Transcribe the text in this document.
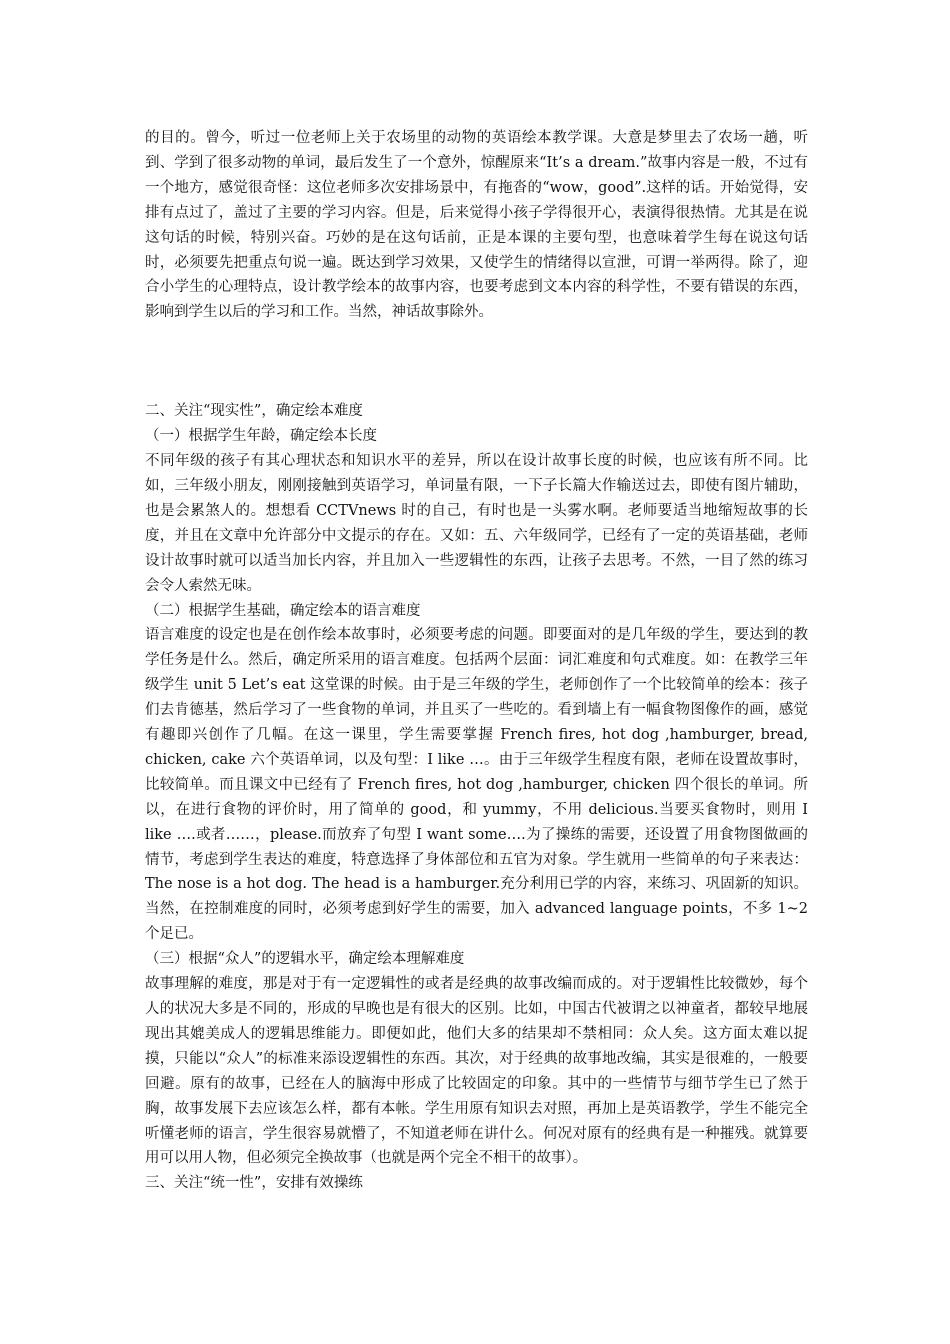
的目的。曾今，听过一位老师上关于农场里的动物的英语绘本教学课。大意是梦里去了农场一趟，听到、学到了很多动物的单词，最后发生了一个意外，惊醒原来“It’s a dream.”故事内容是一般，不过有一个地方，感觉很奇怪：这位老师多次安排场景中，有拖沓的“wow，good”.这样的话。开始觉得，安排有点过了，盖过了主要的学习内容。但是，后来觉得小孩子学得很开心，表演得很热情。尤其是在说这句话的时候，特别兴奋。巧妙的是在这句话前，正是本课的主要句型，也意味着学生每在说这句话时，必须要先把重点句说一遍。既达到学习效果，又使学生的情绪得以宣泄，可谓一举两得。除了，迎合小学生的心理特点，设计教学绘本的故事内容，也要考虑到文本内容的科学性，不要有错误的东西，影响到学生以后的学习和工作。当然，神话故事除外。

二、关注“现实性”，确定绘本难度

（一）根据学生年龄，确定绘本长度

不同年级的孩子有其心理状态和知识水平的差异，所以在设计故事长度的时候，也应该有所不同。比如，三年级小朋友，刚刚接触到英语学习，单词量有限，一下子长篇大作输送过去，即使有图片辅助，也是会累煞人的。想想看 CCTVnews 时的自己，有时也是一头雾水啊。老师要适当地缩短故事的长度，并且在文章中允许部分中文提示的存在。又如：五、六年级同学，已经有了一定的英语基础，老师设计故事时就可以适当加长内容，并且加入一些逻辑性的东西，让孩子去思考。不然，一目了然的练习会令人索然无味。

（二）根据学生基础，确定绘本的语言难度

语言难度的设定也是在创作绘本故事时，必须要考虑的问题。即要面对的是几年级的学生，要达到的教学任务是什么。然后，确定所采用的语言难度。包括两个层面：词汇难度和句式难度。如：在教学三年级学生 unit 5 Let’s eat 这堂课的时候。由于是三年级的学生，老师创作了一个比较简单的绘本：孩子们去肯德基，然后学习了一些食物的单词，并且买了一些吃的。看到墙上有一幅食物图像作的画，感觉有趣即兴创作了几幅。在这一课里，学生需要掌握 French fires, hot dog ,hamburger, bread, chicken, cake 六个英语单词，以及句型：I like …。由于三年级学生程度有限，老师在设置故事时，比较简单。而且课文中已经有了 French fires, hot dog ,hamburger, chicken 四个很长的单词。所以，在进行食物的评价时，用了简单的 good，和 yummy，不用 delicious.当要买食物时，则用 I like ….或者……，please.而放弃了句型 I want some….为了操练的需要，还设置了用食物图做画的情节，考虑到学生表达的难度，特意选择了身体部位和五官为对象。学生就用一些简单的句子来表达：The nose is a hot dog. The head is a hamburger.充分利用已学的内容，来练习、巩固新的知识。当然，在控制难度的同时，必须考虑到好学生的需要，加入 advanced language points，不多 1~2 个足已。

（三）根据“众人”的逻辑水平，确定绘本理解难度

故事理解的难度，那是对于有一定逻辑性的或者是经典的故事改编而成的。对于逻辑性比较微妙，每个人的状况大多是不同的，形成的早晚也是有很大的区别。比如，中国古代被谓之以神童者，都较早地展现出其媲美成人的逻辑思维能力。即便如此，他们大多的结果却不禁相同：众人矣。这方面太难以捉摸，只能以“众人”的标准来添设逻辑性的东西。其次，对于经典的故事地改编，其实是很难的，一般要回避。原有的故事，已经在人的脑海中形成了比较固定的印象。其中的一些情节与细节学生已了然于胸，故事发展下去应该怎么样，都有本帐。学生用原有知识去对照，再加上是英语教学，学生不能完全听懂老师的语言，学生很容易就懵了，不知道老师在讲什么。何况对原有的经典有是一种摧残。就算要用可以用人物，但必须完全换故事（也就是两个完全不相干的故事）。

三、关注“统一性”，安排有效操练
